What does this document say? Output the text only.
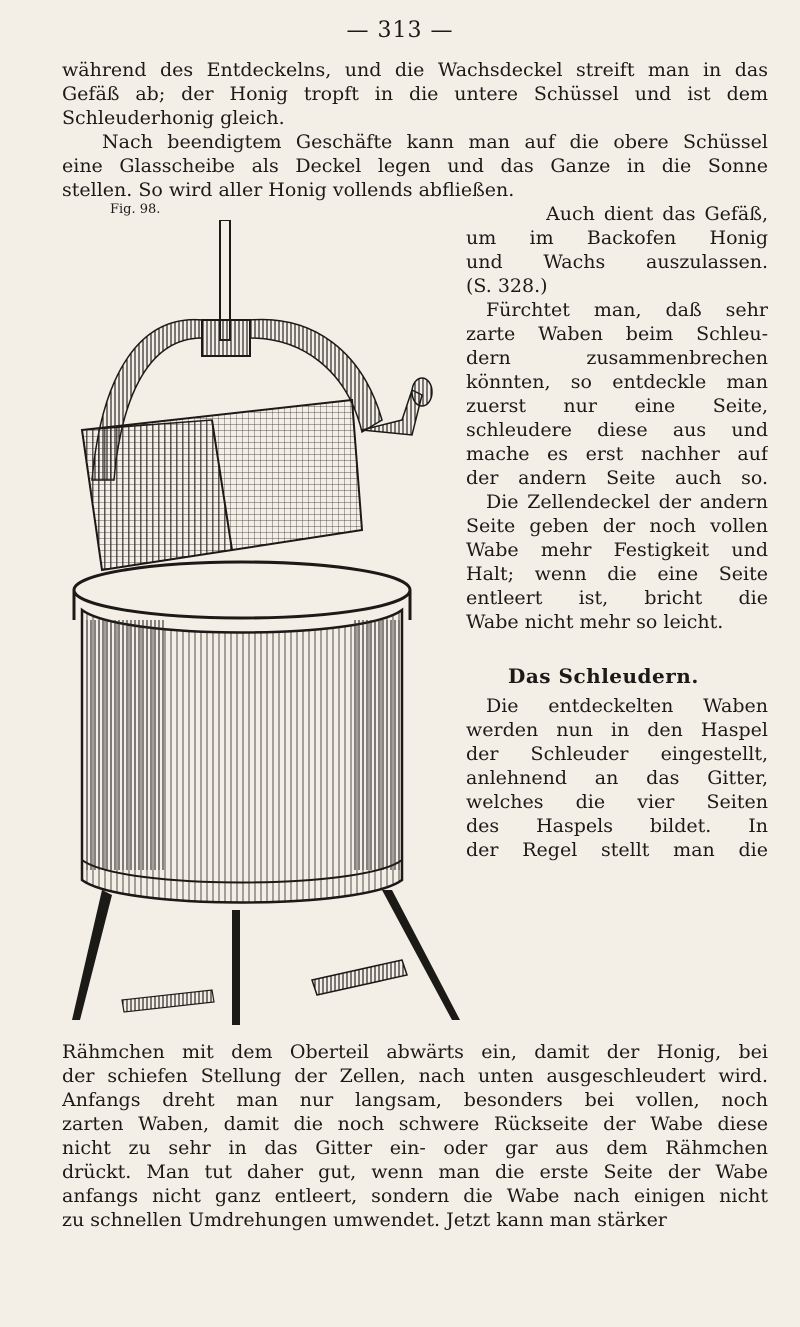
— 313 —
während des Entdeckelns, und die Wachsdeckel streift man in das
Gefäß ab; der Honig tropft in die untere Schüssel und ist dem
Schleuderhonig gleich.
Nach beendigtem Geschäfte kann man auf die obere Schüssel
eine Glasscheibe als Deckel legen und das Ganze in die Sonne
stellen. So wird aller Honig vollends abfließen.
Fig. 98.	Auch dient das Gefäß,
um im Backofen Honig
und Wachs auszulassen.
(S. 328.)
Fürchtet man, daß sehr
zarte Waben beim Schleu-
dern zusammenbrechen
könnten, so entdeckle man
zuerst nur eine Seite,
schleudere diese aus und
mache es erst nachher auf
der andern Seite auch so.
Die Zellendeckel der andern
Seite geben der noch vollen
Wabe mehr Festigkeit und
Halt; wenn die eine Seite
entleert ist, bricht die
Wabe nicht mehr so leicht.
Das Schleudern.
Die entdeckelten Waben
werden nun in den Haspel
der Schleuder eingestellt,
anlehnend an das Gitter,
welches die vier Seiten
des Haspels bildet. In
der Regel stellt man die
Rähmchen mit dem Oberteil abwärts ein, damit der Honig, bei
der schiefen Stellung der Zellen, nach unten ausgeschleudert wird.
Anfangs dreht man nur langsam, besonders bei vollen, noch
zarten Waben, damit die noch schwere Rückseite der Wabe diese
nicht zu sehr in das Gitter ein- oder gar aus dem Rähmchen
drückt. Man tut daher gut, wenn man die erste Seite der Wabe
anfangs nicht ganz entleert, sondern die Wabe nach einigen nicht
zu schnellen Umdrehungen umwendet. Jetzt kann man stärker
